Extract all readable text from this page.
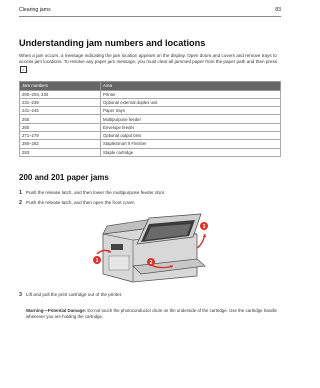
Clearing jams	83
Understanding jam numbers and locations

When a jam occurs, a message indicating the jam location appears on the display. Open doors and covers and remove trays to access jam locations. To resolve any paper jam message, you must clear all jammed paper from the paper path and then press ✓ .

Jam numbers	Area
200–203, 230	Printer
231–239	Optional external duplex unit
241–245	Paper trays
250	Multipurpose feeder
260	Envelope feeder
271–279	Optional output bins
280–282	StapleSmart II Finisher
283	Staple cartridge
200 and 201 paper jams
1 Push the release latch, and then lower the multipurpose feeder door.
2 Push the release latch, and then open the front cover.
1	2
3
3 Lift and pull the print cartridge out of the printer.

Warning—Potential Damage: Do not touch the photoconductor drum on the underside of the cartridge. Use the cartridge handle whenever you are holding the cartridge.
